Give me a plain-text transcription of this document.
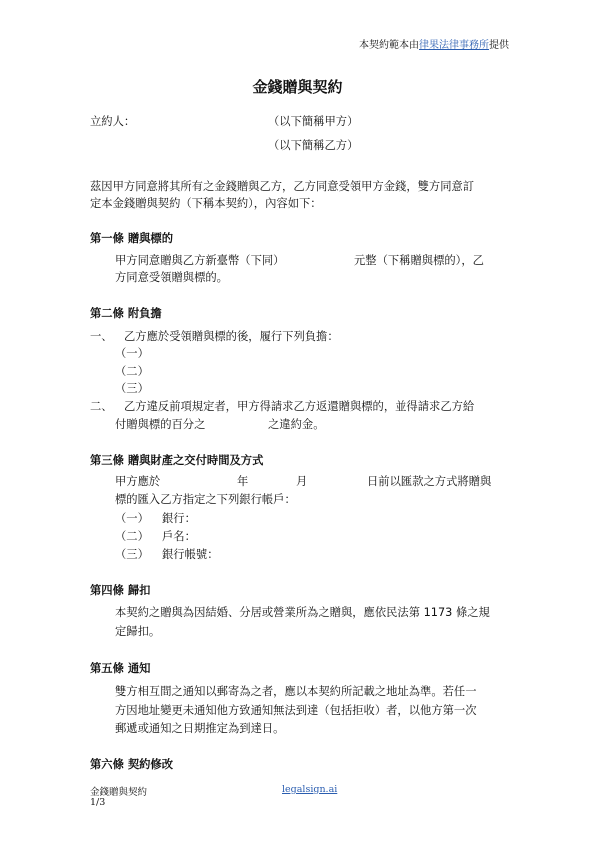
本契約範本由律果法律事務所提供
金錢贈與契約
立約人：	（以下簡稱甲方）
（以下簡稱乙方）
茲因甲方同意將其所有之金錢贈與乙方，乙方同意受領甲方金錢，雙方同意訂
定本金錢贈與契約（下稱本契約），內容如下：
第一條 贈與標的
甲方同意贈與乙方新臺幣（下同）	元整（下稱贈與標的），乙
方同意受領贈與標的。
第二條 附負擔
一、 乙方應於受領贈與標的後，履行下列負擔：
（一）
（二）
（三）
二、 乙方違反前項規定者，甲方得請求乙方返還贈與標的，並得請求乙方給
付贈與標的百分之	之違約金。
第三條 贈與財產之交付時間及方式
甲方應於	年	月	日前以匯款之方式將贈與
標的匯入乙方指定之下列銀行帳戶：
（一） 銀行：
（二） 戶名：
（三） 銀行帳號：
第四條 歸扣
本契約之贈與為因結婚、分居或營業所為之贈與，應依民法第 1173 條之規
定歸扣。
第五條 通知
雙方相互間之通知以郵寄為之者，應以本契約所記載之地址為準。若任一
方因地址變更未通知他方致通知無法到達（包括拒收）者，以他方第一次
郵遞或通知之日期推定為到達日。
第六條 契約修改
金錢贈與契約	legalsign.ai
1/3
